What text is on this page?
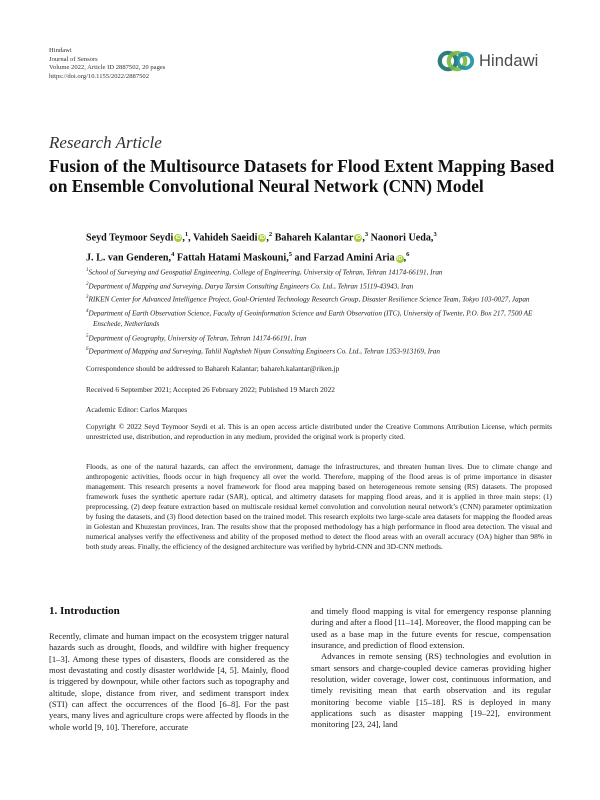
Hindawi
Journal of Sensors
Volume 2022, Article ID 2887502, 20 pages
https://doi.org/10.1155/2022/2887502
Hindawi
Research Article
Fusion of the Multisource Datasets for Flood Extent Mapping Based on Ensemble Convolutional Neural Network (CNN) Model
Seyd Teymoor Seydi iD,$^1$, Vahideh Saeidi iD,$^2$ Bahareh Kalantar iD,$^3$ Naonori Ueda,$^3$
J. L. van Genderen,$^4$ Fattah Hatami Maskouni,$^5$ and Farzad Amini Aria iD,$^6$
$^1$School of Surveying and Geospatial Engineering, College of Engineering, University of Tehran, Tehran 14174-66191, Iran
$^2$Department of Mapping and Surveying, Darya Tarsim Consulting Engineers Co. Ltd., Tehran 15119-43943, Iran
$^3$RIKEN Center for Advanced Intelligence Project, Goal-Oriented Technology Research Group, Disaster Resilience Science Team, Tokyo 103-0027, Japan
$^4$Department of Earth Observation Science, Faculty of Geoinformation Science and Earth Observation (ITC), University of Twente, P.O. Box 217, 7500 AE Enschede, Netherlands
$^5$Department of Geography, University of Tehran, Tehran 14174-66191, Iran
$^6$Department of Mapping and Surveying, Tahlil Naghsheh Niyan Consulting Engineers Co. Ltd., Tehran 1353-913169, Iran
Correspondence should be addressed to Bahareh Kalantar; bahareh.kalantar@riken.jp
Received 6 September 2021; Accepted 26 February 2022; Published 19 March 2022
Academic Editor: Carlos Marques
Copyright © 2022 Seyd Teymoor Seydi et al. This is an open access article distributed under the Creative Commons Attribution License, which permits unrestricted use, distribution, and reproduction in any medium, provided the original work is properly cited.
Floods, as one of the natural hazards, can affect the environment, damage the infrastructures, and threaten human lives. Due to climate change and anthropogenic activities, floods occur in high frequency all over the world. Therefore, mapping of the flood areas is of prime importance in disaster management. This research presents a novel framework for flood area mapping based on heterogeneous remote sensing (RS) datasets. The proposed framework fuses the synthetic aperture radar (SAR), optical, and altimetry datasets for mapping flood areas, and it is applied in three main steps: (1) preprocessing, (2) deep feature extraction based on multiscale residual kernel convolution and convolution neural network’s (CNN) parameter optimization by fusing the datasets, and (3) flood detection based on the trained model. This research exploits two large-scale area datasets for mapping the flooded areas in Golestan and Khuzestan provinces, Iran. The results show that the proposed methodology has a high performance in flood area detection. The visual and numerical analyses verify the effectiveness and ability of the proposed method to detect the flood areas with an overall accuracy (OA) higher than 98% in both study areas. Finally, the efficiency of the designed architecture was verified by hybrid-CNN and 3D-CNN methods.
1. Introduction

Recently, climate and human impact on the ecosystem trigger natural hazards such as drought, floods, and wildfire with higher frequency [1–3]. Among these types of disasters, floods are considered as the most devastating and costly disaster worldwide [4, 5]. Mainly, flood is triggered by downpour, while other factors such as topography and altitude, slope, distance from river, and sediment transport index (STI) can affect the occurrences of the flood [6–8]. For the past years, many lives and agriculture crops were affected by floods in the whole world [9, 10]. Therefore, accurate

and timely flood mapping is vital for emergency response planning during and after a flood [11–14]. Moreover, the flood mapping can be used as a base map in the future events for rescue, compensation insurance, and prediction of flood extension.

Advances in remote sensing (RS) technologies and evolution in smart sensors and charge-coupled device cameras providing higher resolution, wider coverage, lower cost, continuous information, and timely revisiting mean that earth observation and its regular monitoring become viable [15–18]. RS is deployed in many applications such as disaster mapping [19–22], environment monitoring [23, 24], land
